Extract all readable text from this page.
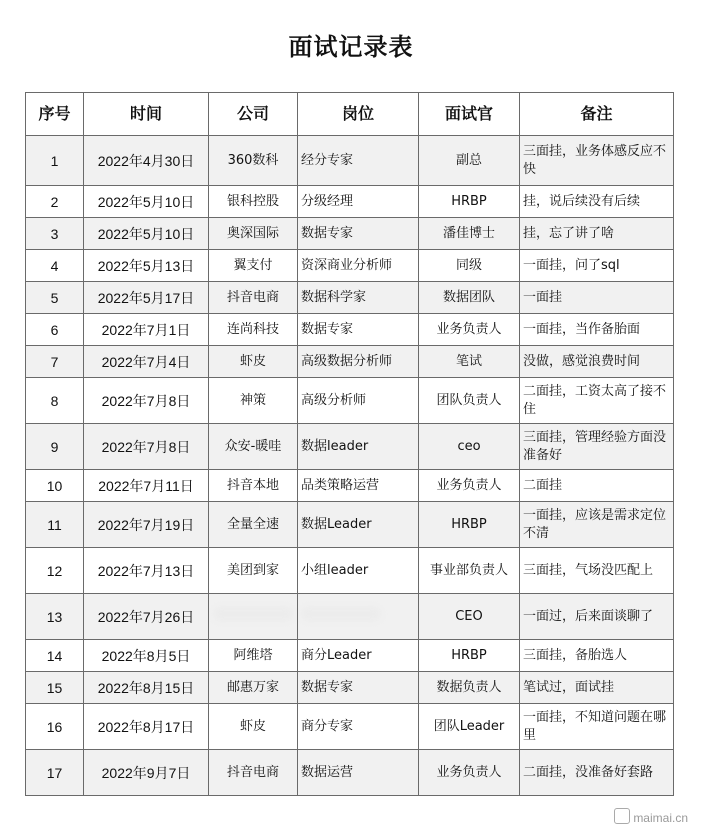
面试记录表
序号	时间	公司	岗位	面试官	备注
1	2022年4月30日	360数科	经分专家	副总	三面挂，业务体感反应不快
2	2022年5月10日	银科控股	分级经理	HRBP	挂，说后续没有后续
3	2022年5月10日	奥深国际	数据专家	潘佳博士	挂，忘了讲了啥
4	2022年5月13日	翼支付	资深商业分析师	同级	一面挂，问了sql
5	2022年5月17日	抖音电商	数据科学家	数据团队	一面挂
6	2022年7月1日	连尚科技	数据专家	业务负责人	一面挂，当作备胎面
7	2022年7月4日	虾皮	高级数据分析师	笔试	没做，感觉浪费时间
8	2022年7月8日	神策	高级分析师	团队负责人	二面挂，工资太高了接不住
9	2022年7月8日	众安-暖哇	数据leader	ceo	三面挂，管理经验方面没准备好
10	2022年7月11日	抖音本地	品类策略运营	业务负责人	二面挂
11	2022年7月19日	全量全速	数据Leader	HRBP	一面挂，应该是需求定位不清
12	2022年7月13日	美团到家	小组leader	事业部负责人	三面挂，气场没匹配上
13	2022年7月26日			CEO	一面过，后来面谈聊了
14	2022年8月5日	阿维塔	商分Leader	HRBP	三面挂，备胎选人
15	2022年8月15日	邮惠万家	数据专家	数据负责人	笔试过，面试挂
16	2022年8月17日	虾皮	商分专家	团队Leader	一面挂，不知道问题在哪里
17	2022年9月7日	抖音电商	数据运营	业务负责人	二面挂，没准备好套路
maimai.cn
